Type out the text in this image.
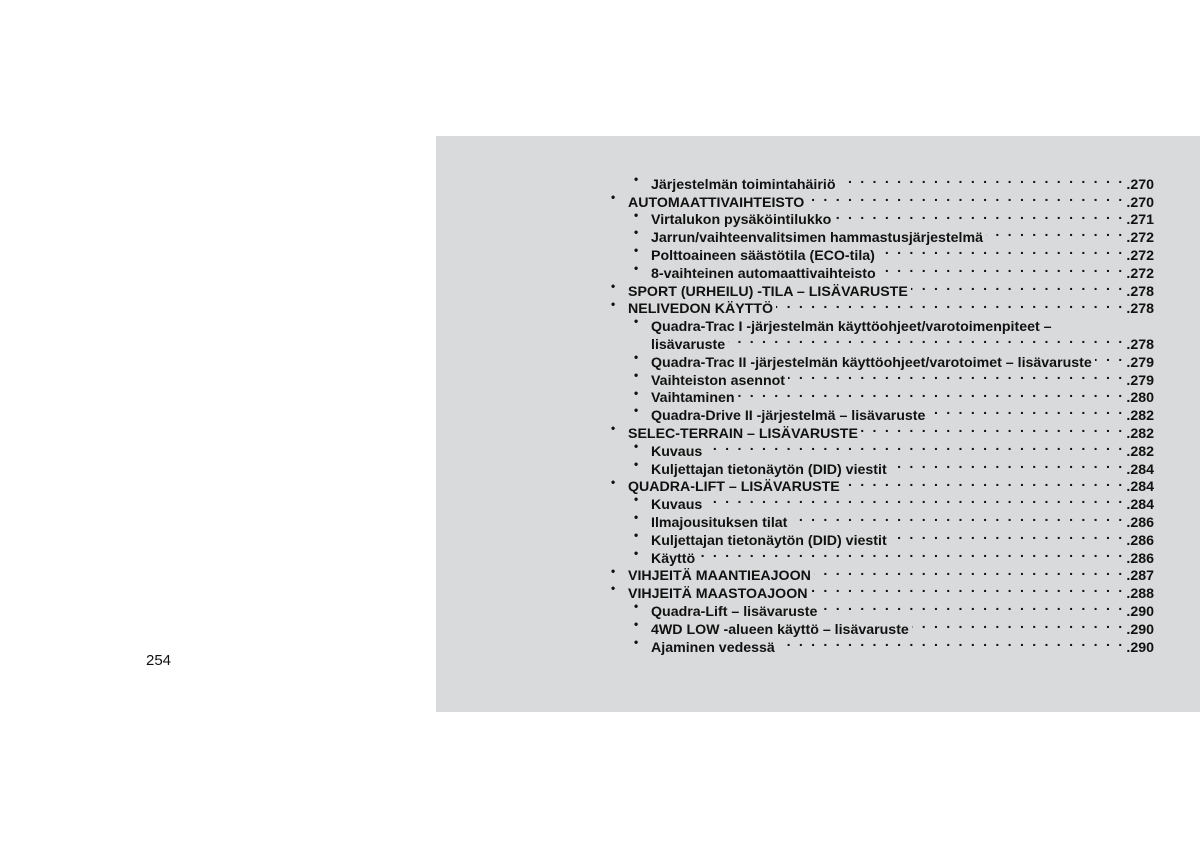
254
• Järjestelmän toimintahäiriö . . .	.270
• AUTOMAATTIVAIHTEISTO . . .	.270
• Virtalukon pysäköintilukko . . .	.271
• Jarrun/vaihteenvalitsimen hammastusjärjestelmä . . .	.272
• Polttoaineen säästötila (ECO-tila) . . .	.272
• 8-vaihteinen automaattivaihteisto . . .	.272
• SPORT (URHEILU) -TILA – LISÄVARUSTE . . .	.278
• NELIVEDON KÄYTTÖ . . .	.278
• Quadra-Trac I -järjestelmän käyttöohjeet/varotoimenpiteet –
lisävaruste . . .	.278
• Quadra-Trac II -järjestelmän käyttöohjeet/varotoimet – lisävaruste . . . .279
• Vaihteiston asennot . . .	.279
• Vaihtaminen . . .	.280
• Quadra-Drive II -järjestelmä – lisävaruste . . .	.282
• SELEC-TERRAIN – LISÄVARUSTE . . .	.282
• Kuvaus . . .	.282
• Kuljettajan tietonäytön (DID) viestit . . .	.284
• QUADRA-LIFT – LISÄVARUSTE . . .	.284
• Kuvaus . . .	.284
• Ilmajousituksen tilat . . .	.286
• Kuljettajan tietonäytön (DID) viestit . . .	.286
• Käyttö . . .	.286
• VIHJEITÄ MAANTIEAJOON . . .	.287
• VIHJEITÄ MAASTOAJOON . . .	.288
• Quadra-Lift – lisävaruste . . .	.290
• 4WD LOW -alueen käyttö – lisävaruste . . .	.290
• Ajaminen vedessä . . .	.290
